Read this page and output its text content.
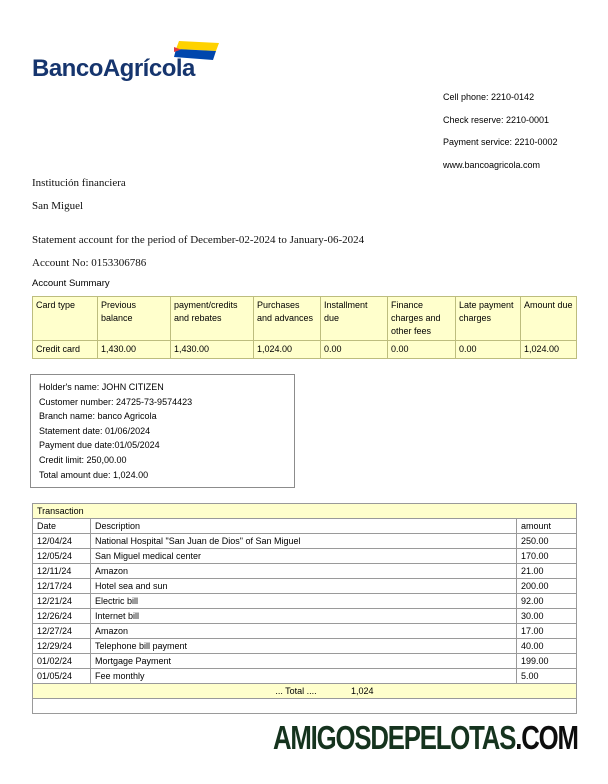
BancoAgrícola
Cell phone: 2210-0142
Check reserve: 2210-0001
Payment service: 2210-0002
www.bancoagricola.com
Institución financiera
San Miguel
Statement account for the period of December-02-2024 to January-06-2024
Account No: 0153306786
Account Summary
Card type	Previous balance	payment/credits and rebates	Purchases and advances	Installment due	Finance charges and other fees	Late payment charges	Amount due
Credit card	1,430.00	1,430.00	1,024.00	0.00	0.00	0.00	1,024.00
Holder's name: JOHN CITIZEN
Customer number: 24725-73-9574423
Branch name: banco Agricola
Statement date: 01/06/2024
Payment due date:01/05/2024
Credit limit: 250,00.00
Total amount due: 1,024.00
Transaction		
Date	Description	amount
12/04/24	National Hospital "San Juan de Dios" of San Miguel	250.00
12/05/24	San Miguel medical center	170.00
12/11/24	Amazon	21.00
12/17/24	Hotel sea and sun	200.00
12/21/24	Electric bill	92.00
12/26/24	Internet bill	30.00
12/27/24	Amazon	17.00
12/29/24	Telephone bill payment	40.00
01/02/24	Mortgage Payment	199.00
01/05/24	Fee monthly	5.00

... Total .... 1,024		

AMIGOSDEPELOTAS.COM
